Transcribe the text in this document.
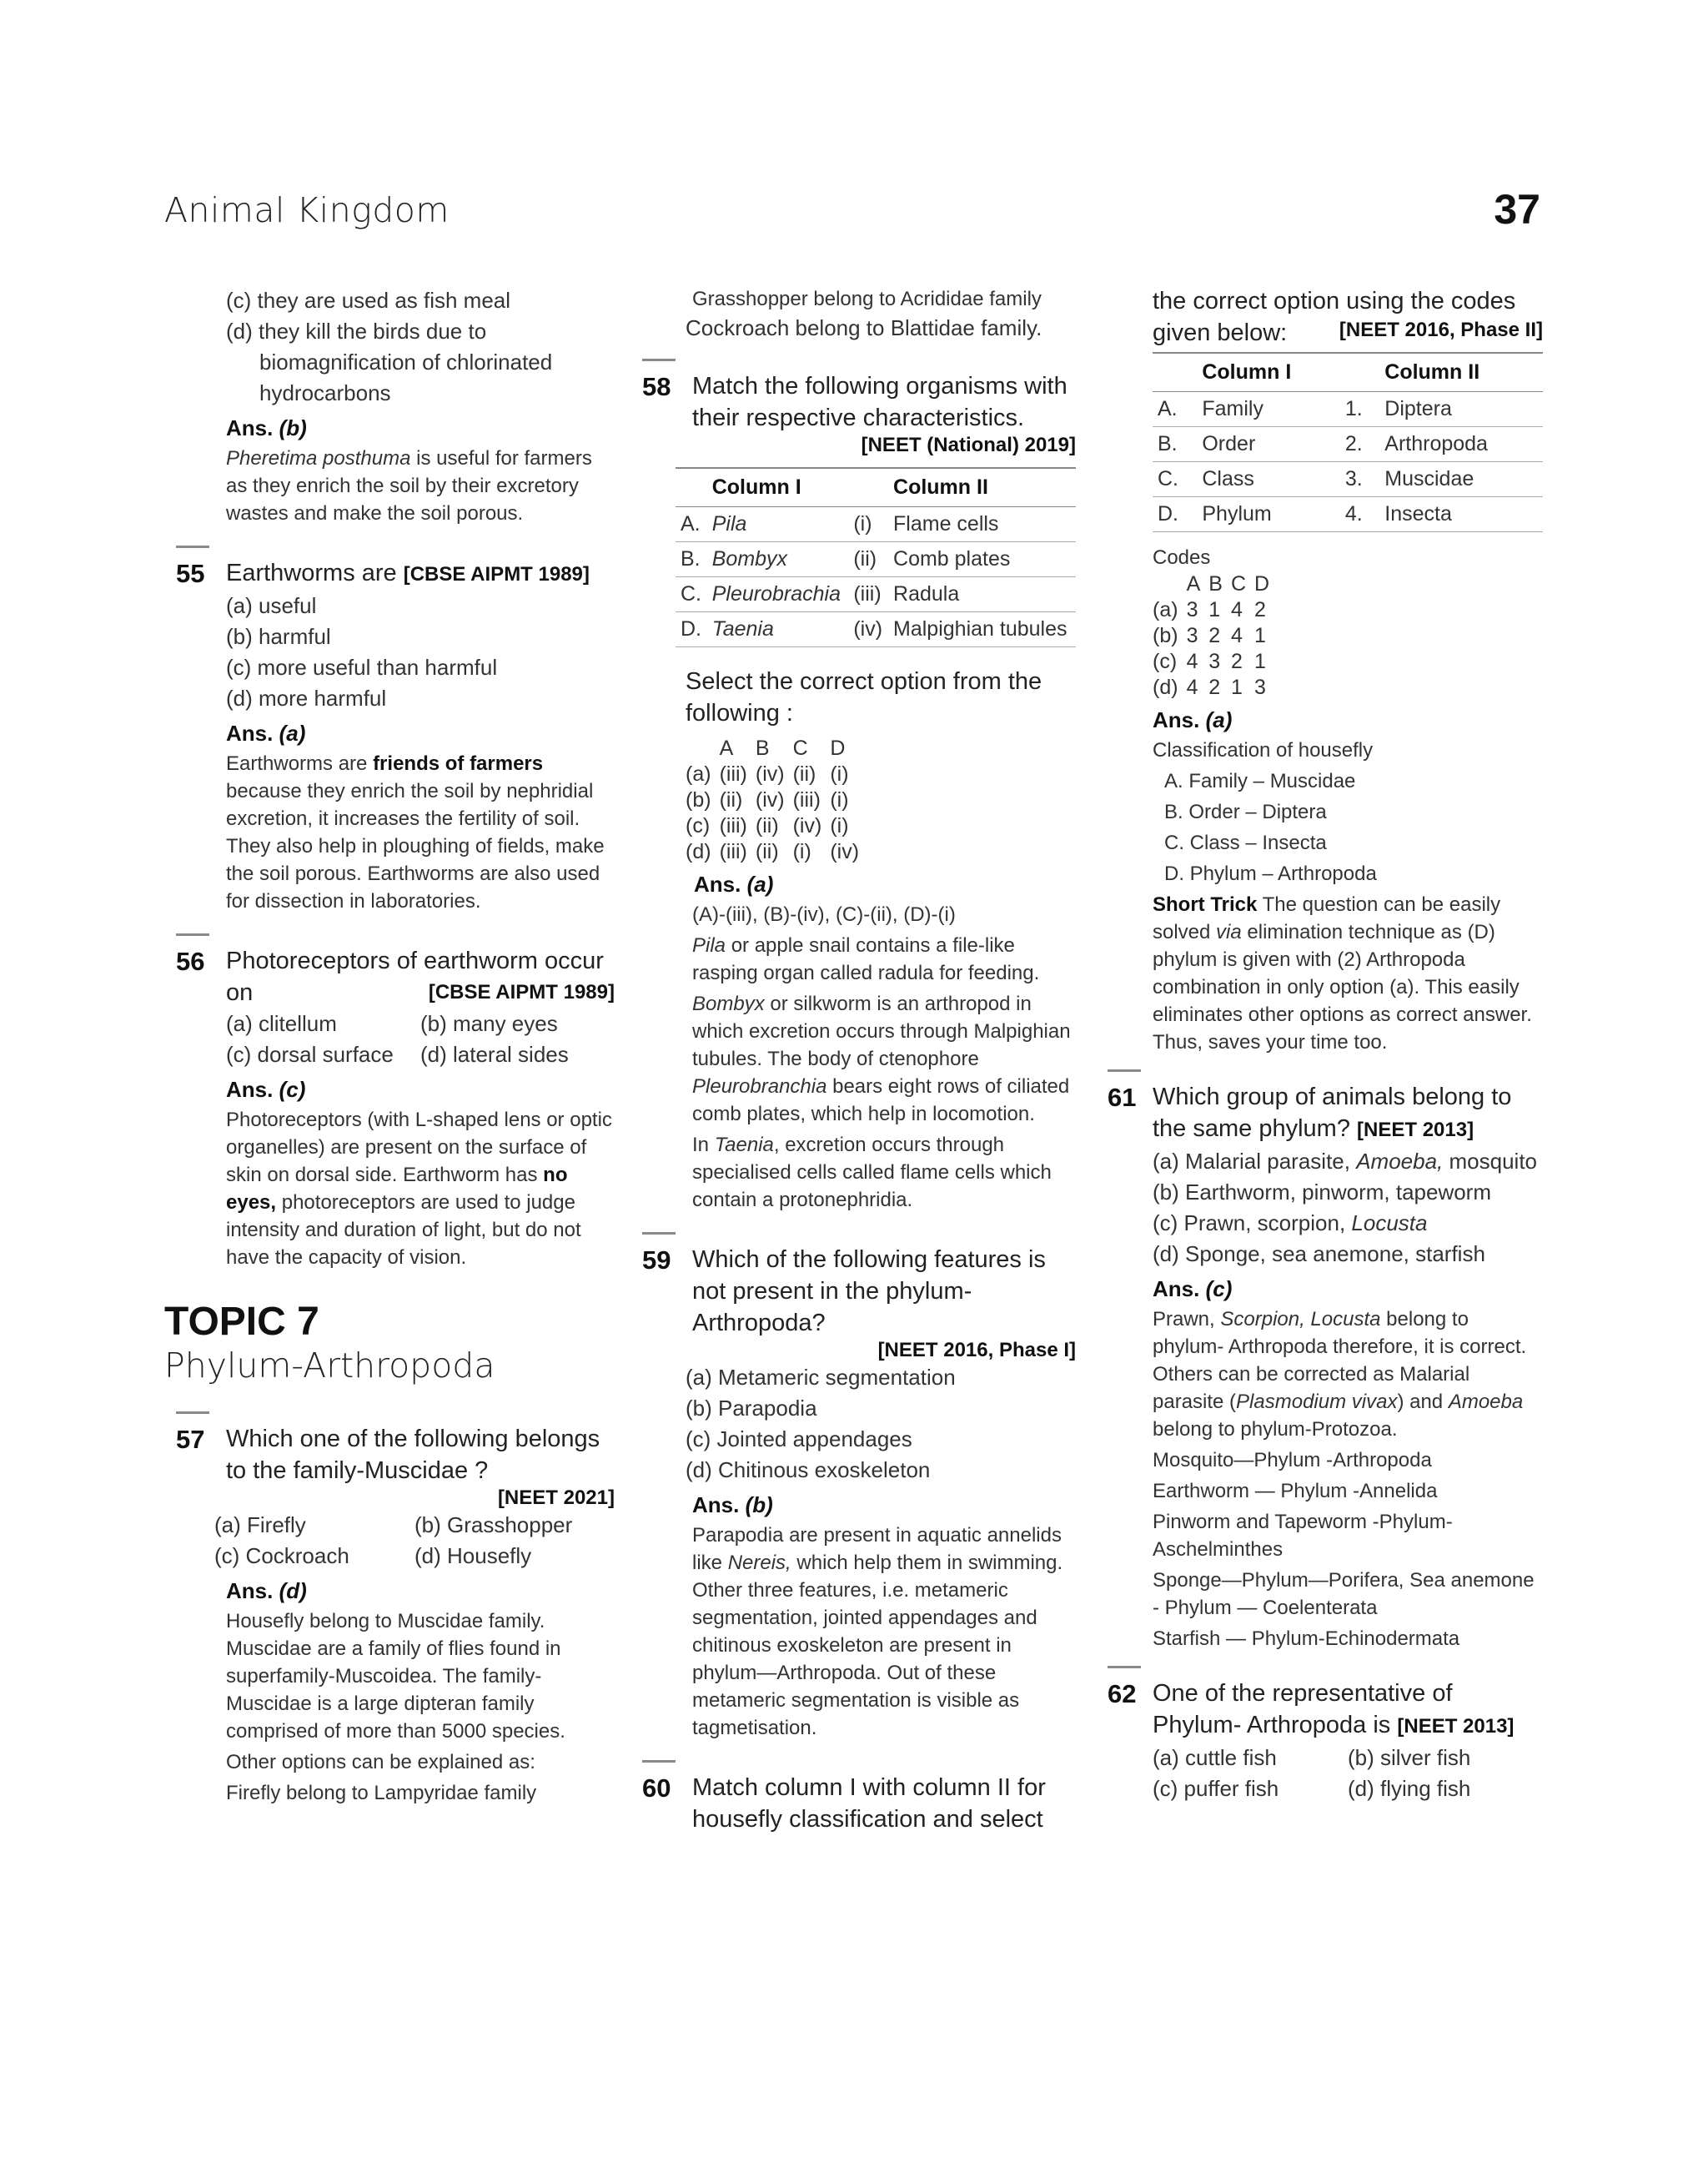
Animal Kingdom	37
(c) they are used as fish meal
(d) they kill the birds due to biomagnification of chlorinated hydrocarbons
Ans. (b)

Pheretima posthuma is useful for farmers as they enrich the soil by their excretory wastes and make the soil porous.

55 Earthworms are [CBSE AIPMT 1989]
(a) useful
(b) harmful
(c) more useful than harmful
(d) more harmful
Ans. (a)

Earthworms are friends of farmers because they enrich the soil by nephridial excretion, it increases the fertility of soil. They also help in ploughing of fields, make the soil porous. Earthworms are also used for dissection in laboratories.

56 Photoreceptors of earthworm occur on	[CBSE AIPMT 1989]
(a) clitellum	(b) many eyes
(c) dorsal surface	(d) lateral sides
Ans. (c)

Photoreceptors (with L-shaped lens or optic organelles) are present on the surface of skin on dorsal side. Earthworm has no eyes, photoreceptors are used to judge intensity and duration of light, but do not have the capacity of vision.

TOPIC 7
Phylum-Arthropoda
57 Which one of the following belongs to the family-Muscidae ?
[NEET 2021]
(a) Firefly	(b) Grasshopper
(c) Cockroach	(d) Housefly
Ans. (d)

Housefly belong to Muscidae family. Muscidae are a family of flies found in superfamily-Muscoidea. The family-Muscidae is a large dipteran family comprised of more than 5000 species.

Other options can be explained as:

Firefly belong to Lampyridae family

Grasshopper belong to Acrididae family
Cockroach belong to Blattidae family.
58 Match the following organisms with their respective characteristics.
[NEET (National) 2019]
	Column I		Column II
A.	Pila	(i)	Flame cells
B.	Bombyx	(ii)	Comb plates
C.	Pleurobrachia	(iii)	Radula
D.	Taenia	(iv)	Malpighian tubules
Select the correct option from the following :
	A	B	C	D
(a)	(iii)	(iv)	(ii)	(i)
(b)	(ii)	(iv)	(iii)	(i)
(c)	(iii)	(ii)	(iv)	(i)
(d)	(iii)	(ii)	(i)	(iv)
Ans. (a)

(A)-(iii), (B)-(iv), (C)-(ii), (D)-(i)

Pila or apple snail contains a file-like rasping organ called radula for feeding.

Bombyx or silkworm is an arthropod in which excretion occurs through Malpighian tubules. The body of ctenophore Pleurobranchia bears eight rows of ciliated comb plates, which help in locomotion.

In Taenia, excretion occurs through specialised cells called flame cells which contain a protonephridia.

59 Which of the following features is not present in the phylum-Arthropoda?
[NEET 2016, Phase I]
(a) Metameric segmentation
(b) Parapodia
(c) Jointed appendages
(d) Chitinous exoskeleton
Ans. (b)

Parapodia are present in aquatic annelids like Nereis, which help them in swimming. Other three features, i.e. metameric segmentation, jointed appendages and chitinous exoskeleton are present in phylum—Arthropoda. Out of these metameric segmentation is visible as tagmetisation.

60 Match column I with column II for housefly classification and select
the correct option using the codes given below:	[NEET 2016, Phase II]
	Column I		Column II
A.	Family	1.	Diptera
B.	Order	2.	Arthropoda
C.	Class	3.	Muscidae
D.	Phylum	4.	Insecta
Codes
	A	B	C	D
(a)	3	1	4	2
(b)	3	2	4	1
(c)	4	3	2	1
(d)	4	2	1	3
Ans. (a)

Classification of housefly

A. Family – Muscidae

B. Order – Diptera

C. Class – Insecta

D. Phylum – Arthropoda

Short Trick The question can be easily solved via elimination technique as (D) phylum is given with (2) Arthropoda combination in only option (a). This easily eliminates other options as correct answer. Thus, saves your time too.

61 Which group of animals belong to the same phylum? [NEET 2013]
(a) Malarial parasite, Amoeba, mosquito
(b) Earthworm, pinworm, tapeworm
(c) Prawn, scorpion, Locusta
(d) Sponge, sea anemone, starfish
Ans. (c)

Prawn, Scorpion, Locusta belong to phylum- Arthropoda therefore, it is correct. Others can be corrected as Malarial parasite (Plasmodium vivax) and Amoeba belong to phylum-Protozoa.

Mosquito—Phylum -Arthropoda

Earthworm — Phylum -Annelida

Pinworm and Tapeworm -Phylum-Aschelminthes

Sponge—Phylum—Porifera, Sea anemone - Phylum — Coelenterata

Starfish — Phylum-Echinodermata

62 One of the representative of Phylum- Arthropoda is [NEET 2013]
(a) cuttle fish	(b) silver fish
(c) puffer fish	(d) flying fish
